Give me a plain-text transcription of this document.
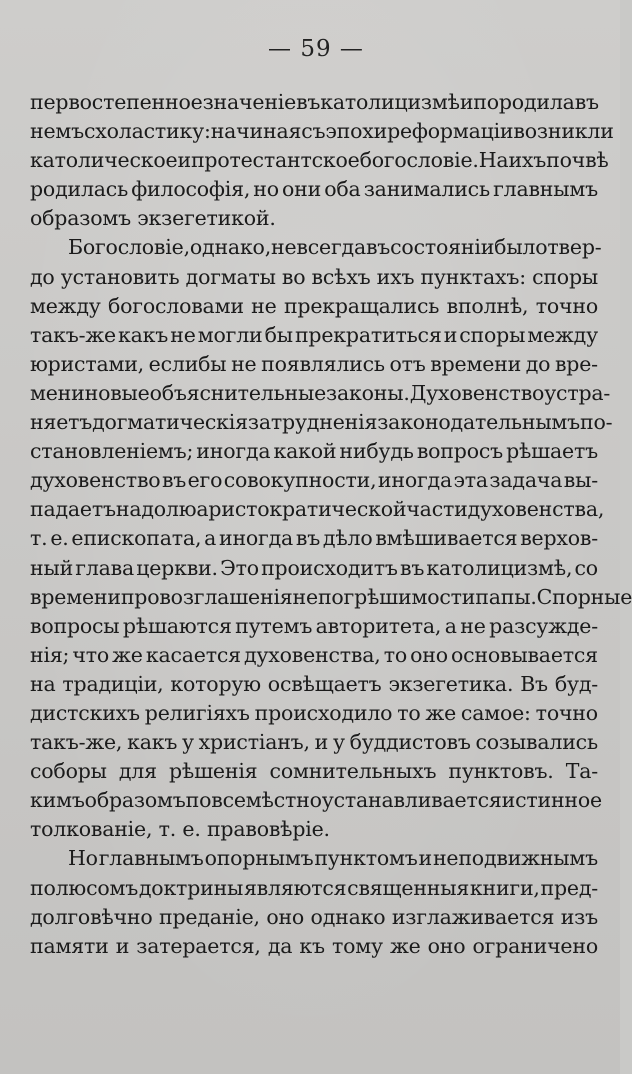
— 59 —
первостепенное значенiе въ католицизмѣ и породила въ
немъ схоластику: начиная съ эпохи реформацiи возникли
католическое и протестантское богословiе. На ихъ почвѣ
родилась философiя, но они оба занимались главнымъ
образомъ экзегетикой.
Богословiе, однако, не всегда въ состоянiи было твер-
до установить догматы во всѣхъ ихъ пунктахъ: споры
между богословами не прекращались вполнѣ, точно
такъ-же какъ не могли бы прекратиться и споры между
юристами, еслибы не появлялись отъ времени до вре-
мени новые объяснительные законы. Духовенство устра-
няетъ догматическiя затрудненiя законодательнымъ по-
становленiемъ; иногда какой нибудь вопросъ рѣшаетъ
духовенство въ его совокупности, иногда эта задача вы-
падаетъ на долю аристократической части духовенства,
т. е. епископата, а иногда въ дѣло вмѣшивается верхов-
ный глава церкви. Это происходитъ въ католицизмѣ, со
времени провозглашенiя непогрѣшимости папы. Спорные
вопросы рѣшаются путемъ авторитета, а не разсужде-
нiя; что же касается духовенства, то оно основывается
на традицiи, которую освѣщаетъ экзегетика. Въ буд-
дистскихъ религiяхъ происходило то же самое: точно
такъ-же, какъ у христiанъ, и у буддистовъ созывались
соборы для рѣшенiя сомнительныхъ пунктовъ. Та-
кимъ образомъ повсемѣстно устанавливается истинное
толкованiе, т. е. правовѣрiе.
Но главнымъ опорнымъ пунктомъ и неподвижнымъ
полюсомъ доктрины являются священныя книги, пред-
долговѣчно преданiе, оно однако изглаживается изъ
памяти и затерается, да къ тому же оно ограничено
